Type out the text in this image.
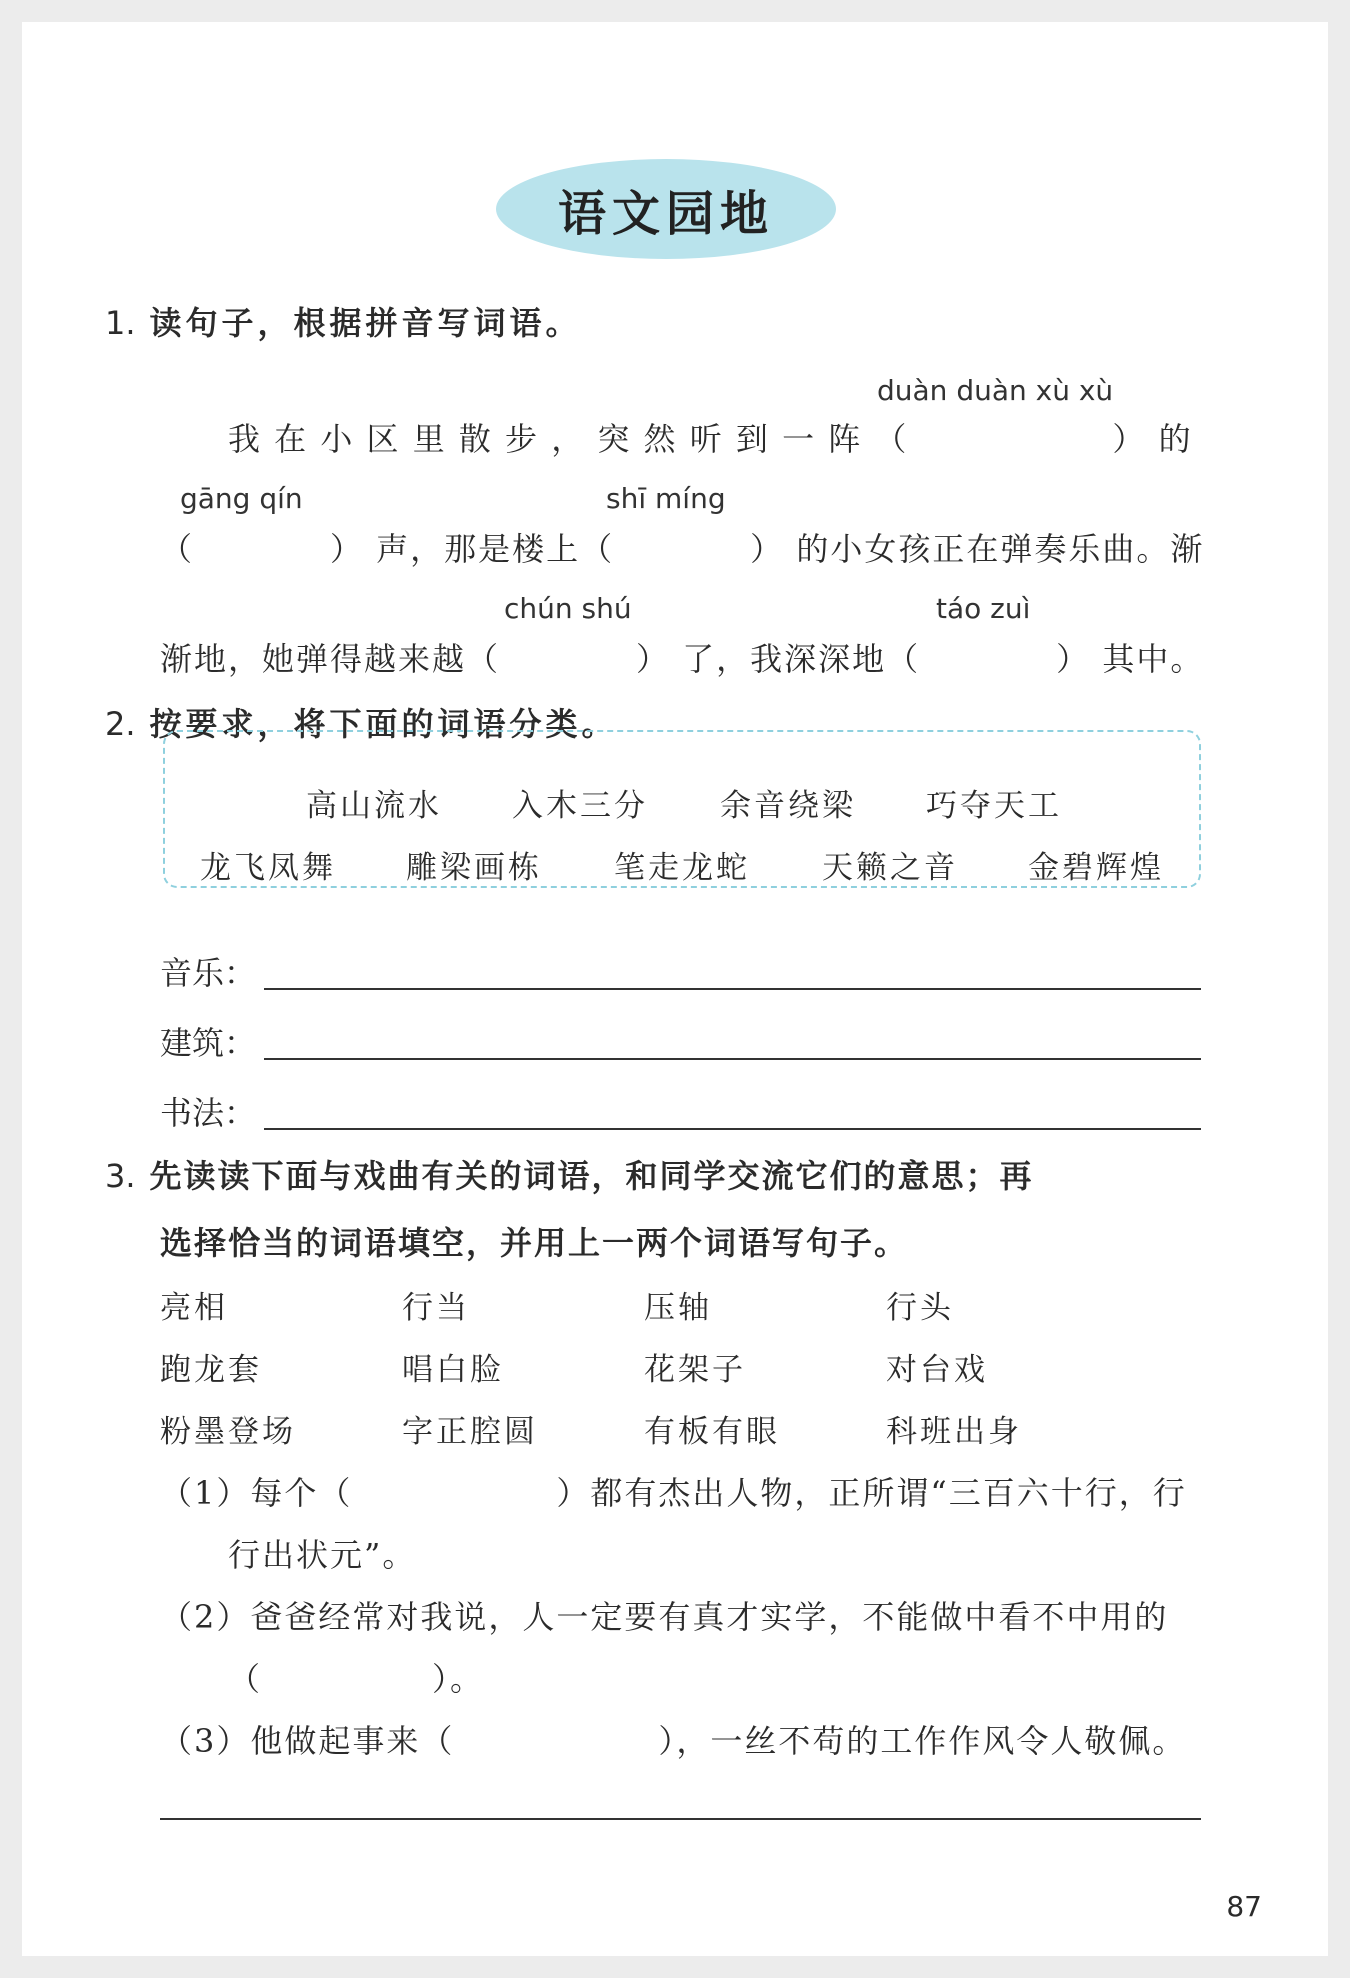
语文园地
1. 读句子，根据拼音写词语。
duàn duàn xù xù
我 在 小 区 里 散 步 ， 突 然 听 到 一 阵 （　　　　　　） 的
gāng qín	shī míng
（　　　　） 声，那是楼上（　　　　） 的小女孩正在弹奏乐曲。渐
chún shú	táo zuì
渐地，她弹得越来越（　　　　） 了，我深深地（　　　　） 其中。
2. 按要求，将下面的词语分类。
高山流水 入木三分 余音绕梁 巧夺天工
龙飞凤舞 雕梁画栋 笔走龙蛇 天籁之音 金碧辉煌
音乐：
建筑：
书法：
3. 先读读下面与戏曲有关的词语，和同学交流它们的意思；再
选择恰当的词语填空，并用上一两个词语写句子。
亮相	行当	压轴	行头
跑龙套	唱白脸	花架子	对台戏
粉墨登场	字正腔圆	有板有眼	科班出身
（1）每个（　　　　　　）都有杰出人物，正所谓“三百六十行，行
行出状元”。
（2）爸爸经常对我说，人一定要有真才实学，不能做中看不中用的
（　　　　　）。
（3）他做起事来（　　　　　　），一丝不苟的工作作风令人敬佩。
87
